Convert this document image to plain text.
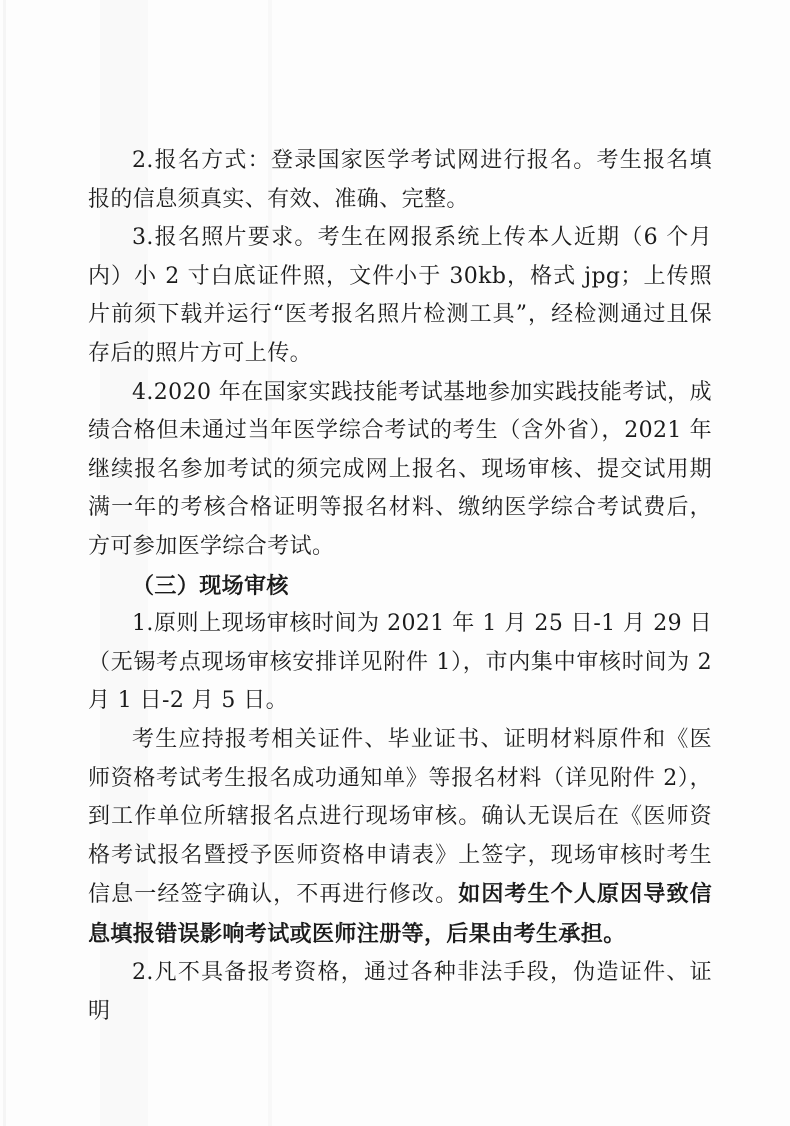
2.报名方式：登录国家医学考试网进行报名。考生报名填报的信息须真实、有效、准确、完整。

3.报名照片要求。考生在网报系统上传本人近期（6 个月内）小 2 寸白底证件照，文件小于 30kb，格式 jpg；上传照片前须下载并运行“医考报名照片检测工具”，经检测通过且保存后的照片方可上传。

4.2020 年在国家实践技能考试基地参加实践技能考试，成绩合格但未通过当年医学综合考试的考生（含外省），2021 年继续报名参加考试的须完成网上报名、现场审核、提交试用期满一年的考核合格证明等报名材料、缴纳医学综合考试费后，方可参加医学综合考试。

（三）现场审核

1.原则上现场审核时间为 2021 年 1 月 25 日-1 月 29 日（无锡考点现场审核安排详见附件 1），市内集中审核时间为 2 月 1 日-2 月 5 日。

考生应持报考相关证件、毕业证书、证明材料原件和《医师资格考试考生报名成功通知单》等报名材料（详见附件 2），到工作单位所辖报名点进行现场审核。确认无误后在《医师资格考试报名暨授予医师资格申请表》上签字，现场审核时考生信息一经签字确认，不再进行修改。如因考生个人原因导致信息填报错误影响考试或医师注册等，后果由考生承担。

2.凡不具备报考资格，通过各种非法手段，伪造证件、证明
